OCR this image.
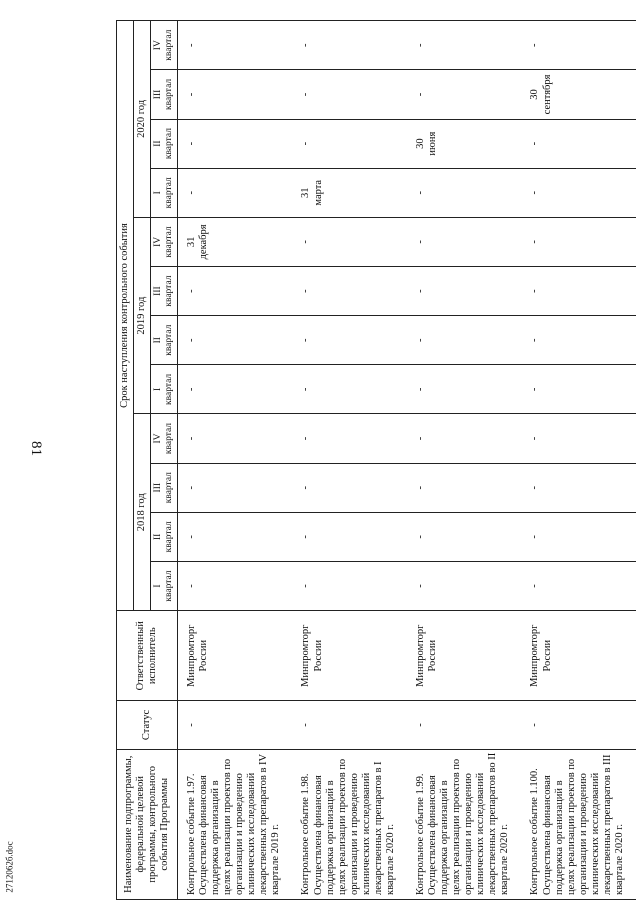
81
2712062б.doc	Наименование подпрограммы, федеральной целевой программы, контрольного события Программы	Статус	Ответственный исполнитель	Срок наступления контрольного события											
			2018 год				2019 год				2020 год			

			I квартал	II квартал	III квартал	IV квартал	I квартал	II квартал	III квартал	IV квартал	I квартал	II квартал	III квартал	IV квартал

Контрольное событие 1.97. Осуществлена финансовая поддержка организаций в целях реализации проектов по организации и проведению клинических исследований лекарственных препаратов в IV квартале 2019 г.	-	Минпромторг России	-	-	-	-	-	-	-	31 декабря	-	-	-	-
Контрольное событие 1.98. Осуществлена финансовая поддержка организаций в целях реализации проектов по организации и проведению клинических исследований лекарственных препаратов в I квартале 2020 г.	-	Минпромторг России	-	-	-	-	-	-	-	-	31 марта	-	-	-
Контрольное событие 1.99. Осуществлена финансовая поддержка организаций в целях реализации проектов по организации и проведению клинических исследований лекарственных препаратов во II квартале 2020 г.	-	Минпромторг России	-	-	-	-	-	-	-	-	-	30 июня	-	-
Контрольное событие 1.100. Осуществлена финансовая поддержка организаций в целях реализации проектов по организации и проведению клинических исследований лекарственных препаратов в III квартале 2020 г.	-	Минпромторг России	-	-	-	-	-	-	-	-	-	-	30 сентября	-
